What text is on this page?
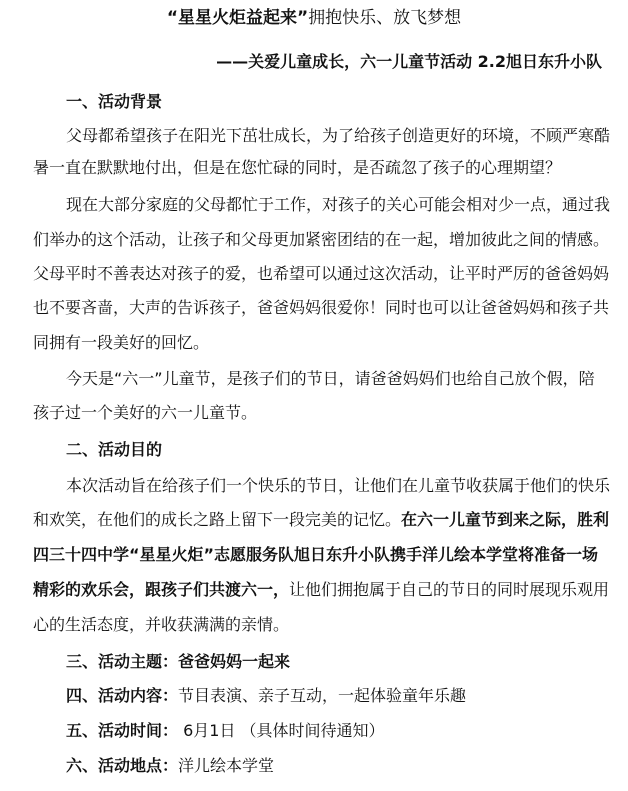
“星星火炬益起来”拥抱快乐、放飞梦想
——关爱儿童成长，六一儿童节活动 2.2旭日东升小队
一、活动背景
父母都希望孩子在阳光下茁壮成长，为了给孩子创造更好的环境，不顾严寒酷
暑一直在默默地付出，但是在您忙碌的同时，是否疏忽了孩子的心理期望？
现在大部分家庭的父母都忙于工作，对孩子的关心可能会相对少一点，通过我
们举办的这个活动，让孩子和父母更加紧密团结的在一起，增加彼此之间的情感。
父母平时不善表达对孩子的爱，也希望可以通过这次活动，让平时严厉的爸爸妈妈
也不要吝啬，大声的告诉孩子，爸爸妈妈很爱你！同时也可以让爸爸妈妈和孩子共
同拥有一段美好的回忆。
今天是“六一”儿童节，是孩子们的节日，请爸爸妈妈们也给自己放个假，陪
孩子过一个美好的六一儿童节。
二、活动目的
本次活动旨在给孩子们一个快乐的节日，让他们在儿童节收获属于他们的快乐
和欢笑，在他们的成长之路上留下一段完美的记忆。在六一儿童节到来之际，胜利
四三十四中学“星星火炬”志愿服务队旭日东升小队携手洋儿绘本学堂将准备一场
精彩的欢乐会，跟孩子们共渡六一，让他们拥抱属于自己的节日的同时展现乐观用
心的生活态度，并收获满满的亲情。
三、活动主题：爸爸妈妈一起来
四、活动内容：节目表演、亲子互动，一起体验童年乐趣
五、活动时间： 6月1日 （具体时间待通知）
六、活动地点：洋儿绘本学堂
